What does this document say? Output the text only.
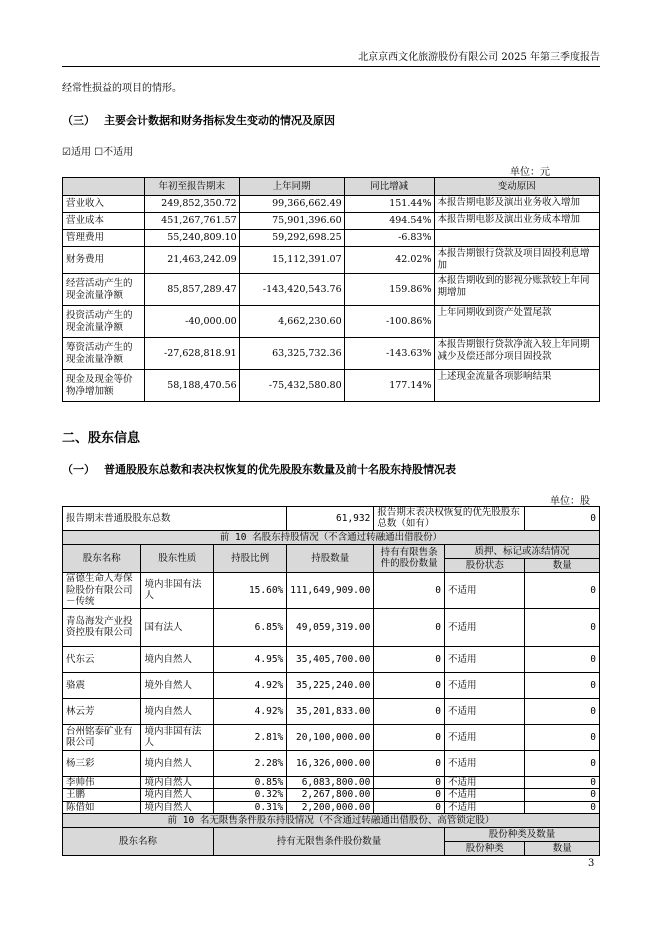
北京京西文化旅游股份有限公司 2025 年第三季度报告
经常性损益的项目的情形。
（三） 主要会计数据和财务指标发生变动的情况及原因
☑适用 ☐不适用
单位：元
	年初至报告期末	上年同期	同比增减	变动原因
营业收入	249,852,350.72	99,366,662.49	151.44%	本报告期电影及演出业务收入增加
营业成本	451,267,761.57	75,901,396.60	494.54%	本报告期电影及演出业务成本增加
管理费用	55,240,809.10	59,292,698.25	-6.83%	
财务费用	21,463,242.09	15,112,391.07	42.02%	本报告期银行贷款及项目固投利息增加
经营活动产生的现金流量净额	85,857,289.47	-143,420,543.76	159.86%	本报告期收到的影视分账款较上年同期增加
投资活动产生的现金流量净额	-40,000.00	4,662,230.60	-100.86%	上年同期收到资产处置尾款
筹资活动产生的现金流量净额	-27,628,818.91	63,325,732.36	-143.63%	本报告期银行贷款净流入较上年同期减少及偿还部分项目固投款
现金及现金等价物净增加额	58,188,470.56	-75,432,580.80	177.14%	上述现金流量各项影响结果
二、股东信息
（一） 普通股股东总数和表决权恢复的优先股股东数量及前十名股东持股情况表
单位：股
报告期末普通股股东总数			61,932	报告期末表决权恢复的优先股股东总数（如有）		0
前 10 名股东持股情况（不含通过转融通出借股份）						
股东名称	股东性质	持股比例	持股数量	持有有限售条件的股份数量	质押、标记或冻结情况	
					股份状态	数量
富德生命人寿保险股份有限公司－传统	境内非国有法人	15.60%	111,649,909.00	0	不适用	0
青岛海发产业投资控股有限公司	国有法人	6.85%	49,059,319.00	0	不适用	0
代东云	境内自然人	4.95%	35,405,700.00	0	不适用	0
骆震	境外自然人	4.92%	35,225,240.00	0	不适用	0
林云芳	境内自然人	4.92%	35,201,833.00	0	不适用	0
台州铭泰矿业有限公司	境内非国有法人	2.81%	20,100,000.00	0	不适用	0
杨三彩	境内自然人	2.28%	16,326,000.00	0	不适用	0
李帅伟	境内自然人	0.85%	6,083,800.00	0	不适用	0
王鹏	境内自然人	0.32%	2,267,800.00	0	不适用	0
陈借如	境内自然人	0.31%	2,200,000.00	0	不适用	0
前 10 名无限售条件股东持股情况（不含通过转融通出借股份、高管锁定股）						
股东名称		持有无限售条件股份数量			股份种类及数量	
					股份种类	数量
3
